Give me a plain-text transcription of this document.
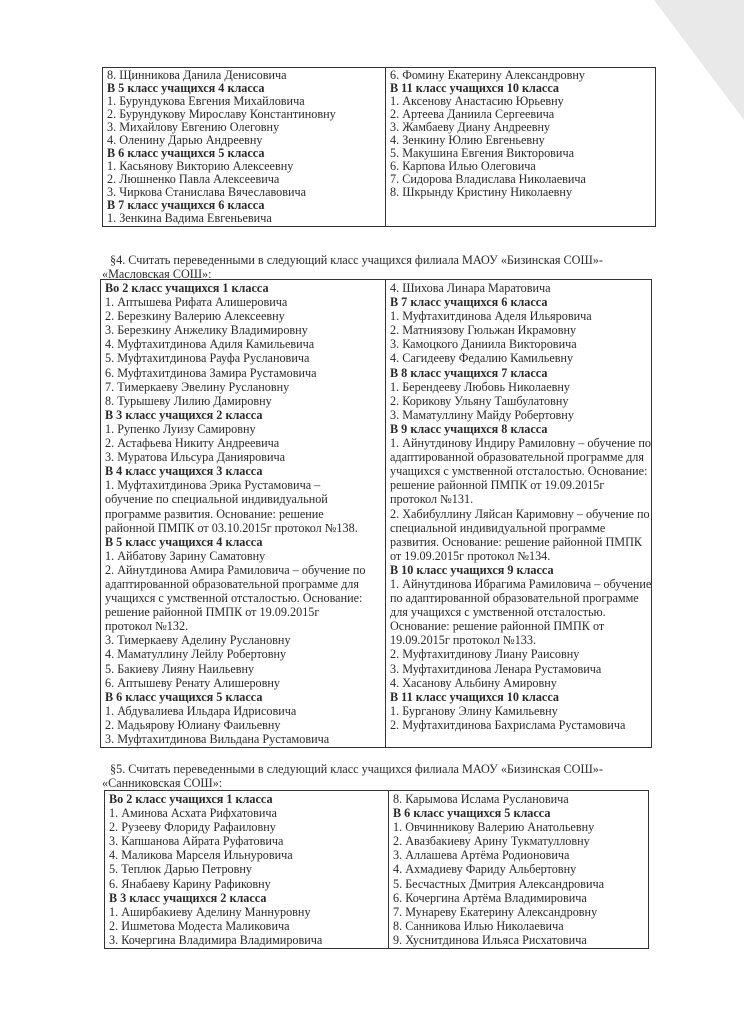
8. Щинникова Данила Денисовича
В 5 класс учащихся 4 класса
1. Бурундукова Евгения Михайловича
2. Бурундукову Мирославу Константиновну
3. Михайлову Евгению Олеговну
4. Оленину Дарью Андреевну
В 6 класс учащихся 5 класса
1. Касьянову Викторию Алексеевну
2. Люшненко Павла Алексеевича
3. Чиркова Станислава Вячеславовича
В 7 класс учащихся 6 класса
1. Зенкина Вадима Евгеньевича

6. Фомину Екатерину Александровну
В 11 класс учащихся 10 класса
1. Аксенову Анастасию Юрьевну
2. Артеева Даниила Сергеевича
3. Жамбаеву Диану Андреевну
4. Зенкину Юлию Евгеньевну
5. Макушина Евгения Викторовича
6. Карпова Илью Олеговича
7. Сидорова Владислава Николаевича
8. Шкрынду Кристину Николаевну
§4. Считать переведенными в следующий класс учащихся филиала МАОУ «Бизинская СОШ»-
«Масловская СОШ»:
Во 2 класс учащихся 1 класса
1. Аптышева Рифата Алишеровича
2. Березкину Валерию Алексеевну
3. Березкину Анжелику Владимировну
4. Муфтахитдинова Адиля Камильевича
5. Муфтахитдинова Рауфа Руслановича
6. Муфтахитдинова Замира Рустамовича
7. Тимеркаеву Эвелину Руслановну
8. Турышеву Лилию Дамировну
В 3 класс учащихся 2 класса
1. Рупенко Луизу Самировну
2. Астафьева Никиту Андреевича
3. Муратова Ильсура Данияровича
В 4 класс учащихся 3 класса
1. Муфтахитдинова Эрика Рустамовича –
обучение по специальной индивидуальной
программе развития. Основание: решение
районной ПМПК от 03.10.2015г протокол №138.
В 5 класс учащихся 4 класса
1. Айбатову Зарину Саматовну
2. Айнутдинова Амира Рамиловича – обучение по
адаптированной образовательной программе для
учащихся с умственной отсталостью. Основание:
решение районной ПМПК от 19.09.2015г
протокол №132.
3. Тимеркаеву Аделину Руслановну
4. Маматуллину Лейлу Робертовну
5. Бакиеву Лияну Наильевну
6. Аптышеву Ренату Алишеровну
В 6 класс учащихся 5 класса
1. Абдувалиева Ильдара Идрисовича
2. Мадьярову Юлиану Фаильевну
3. Муфтахитдинова Вильдана Рустамовича

4. Шихова Линара Маратовича
В 7 класс учащихся 6 класса
1. Муфтахитдинова Аделя Ильяровича
2. Матниязову Гюльжан Икрамовну
3. Камоцкого Даниила Викторовича
4. Сагидееву Федалию Камильевну
В 8 класс учащихся 7 класса
1. Берендееву Любовь Николаевну
2. Корикову Ульяну Ташбулатовну
3. Маматуллину Майду Робертовну
В 9 класс учащихся 8 класса
1. Айнутдинову Индиру Рамиловну – обучение по
адаптированной образовательной программе для
учащихся с умственной отсталостью. Основание:
решение районной ПМПК от 19.09.2015г
протокол №131.
2. Хабибуллину Ляйсан Каримовну – обучение по
специальной индивидуальной программе
развития. Основание: решение районной ПМПК
от 19.09.2015г протокол №134.
В 10 класс учащихся 9 класса
1. Айнутдинова Ибрагима Рамиловича – обучение
по адаптированной образовательной программе
для учащихся с умственной отсталостью.
Основание: решение районной ПМПК от
19.09.2015г протокол №133.
2. Муфтахитдинову Лиану Раисовну
3. Муфтахитдинова Ленара Рустамовича
4. Хасанову Альбину Амировну
В 11 класс учащихся 10 класса
1. Бурганову Элину Камильевну
2. Муфтахитдинова Бахрислама Рустамовича
§5. Считать переведенными в следующий класс учащихся филиала МАОУ «Бизинская СОШ»-
«Санниковская СОШ»:
Во 2 класс учащихся 1 класса
1. Аминова Асхата Рифхатовича
2. Рузееву Флориду Рафаиловну
3. Капшанова Айрата Руфатовича
4. Маликова Марселя Ильнуровича
5. Теплюк Дарью Петровну
6. Янабаеву Карину Рафиковну
В 3 класс учащихся 2 класса
1. Аширбакиеву Аделину Маннуровну
2. Ишметова Модеста Маликовича
3. Кочергина Владимира Владимировича

8. Карымова Ислама Руслановича
В 6 класс учащихся 5 класса
1. Овчинникову Валерию Анатольевну
2. Авазбакиеву Арину Тукматулловну
3. Аллашева Артёма Родионовича
4. Ахмадиеву Фариду Альбертовну
5. Бесчастных Дмитрия Александровича
6. Кочергина Артёма Владимировича
7. Мунареву Екатерину Александровну
8. Санникова Илью Николаевича
9. Хуснитдинова Ильяса Рисхатовича
